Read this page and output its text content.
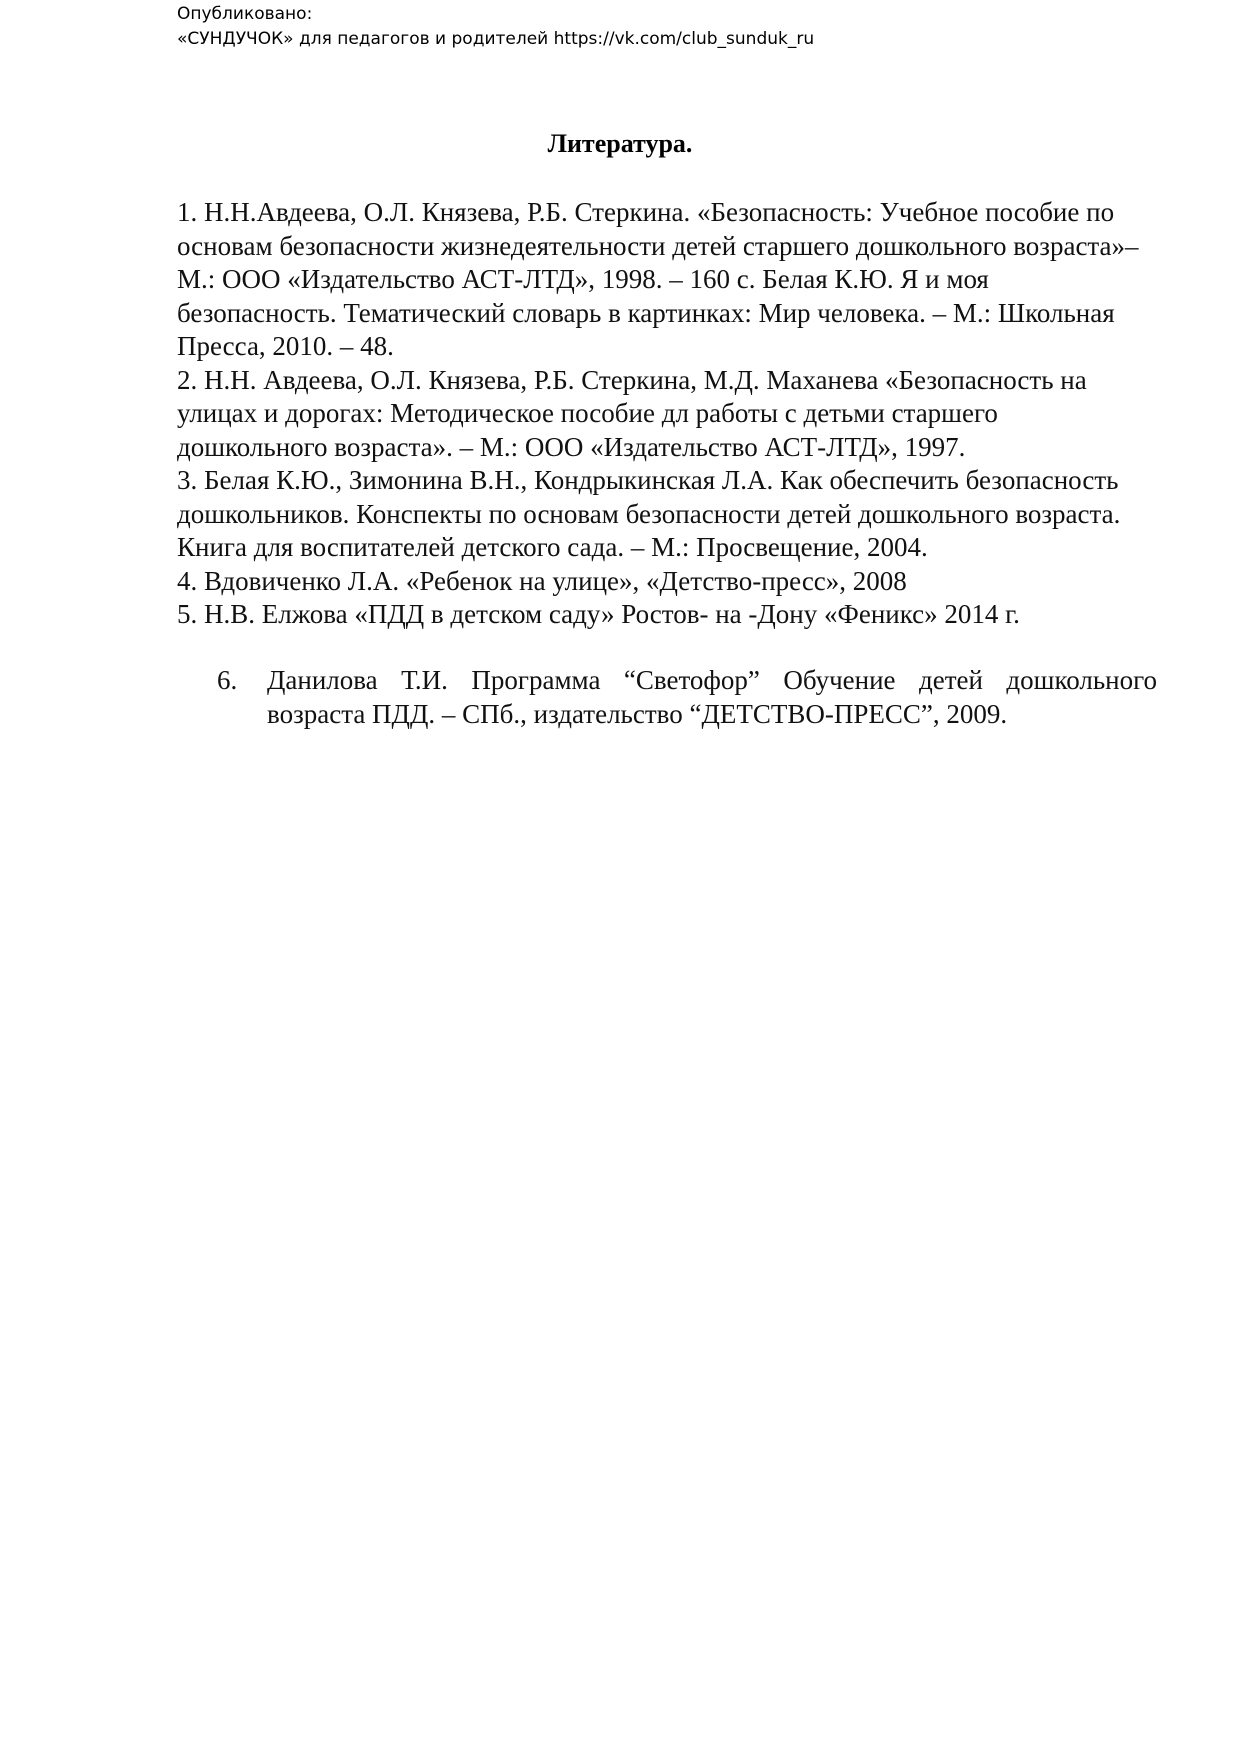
Опубликовано:
«СУНДУЧОК» для педагогов и родителей https://vk.com/club_sunduk_ru
Литература.

1. Н.Н.Авдеева, О.Л. Князева, Р.Б. Стеркина. «Безопасность: Учебное пособие по основам безопасности жизнедеятельности детей старшего дошкольного возраста»– М.: ООО «Издательство АСТ-ЛТД», 1998. – 160 с. Белая К.Ю. Я и моя безопасность. Тематический словарь в картинках: Мир человека. – М.: Школьная Пресса, 2010. – 48.

2. Н.Н. Авдеева, О.Л. Князева, Р.Б. Стеркина, М.Д. Маханева «Безопасность на улицах и дорогах: Методическое пособие дл работы с детьми старшего дошкольного возраста». – М.: ООО «Издательство АСТ-ЛТД», 1997.

3. Белая К.Ю., Зимонина В.Н., Кондрыкинская Л.А. Как обеспечить безопасность дошкольников. Конспекты по основам безопасности детей дошкольного возраста. Книга для воспитателей детского сада. – М.: Просвещение, 2004.

4. Вдовиченко Л.А. «Ребенок на улице», «Детство-пресс», 2008

5. Н.В. Елжова «ПДД в детском саду» Ростов- на -Дону «Феникс» 2014 г.

6.	Данилова Т.И. Программа “Светофор” Обучение детей дошкольного возраста ПДД. – СПб., издательство “ДЕТСТВО-ПРЕСС”, 2009.
